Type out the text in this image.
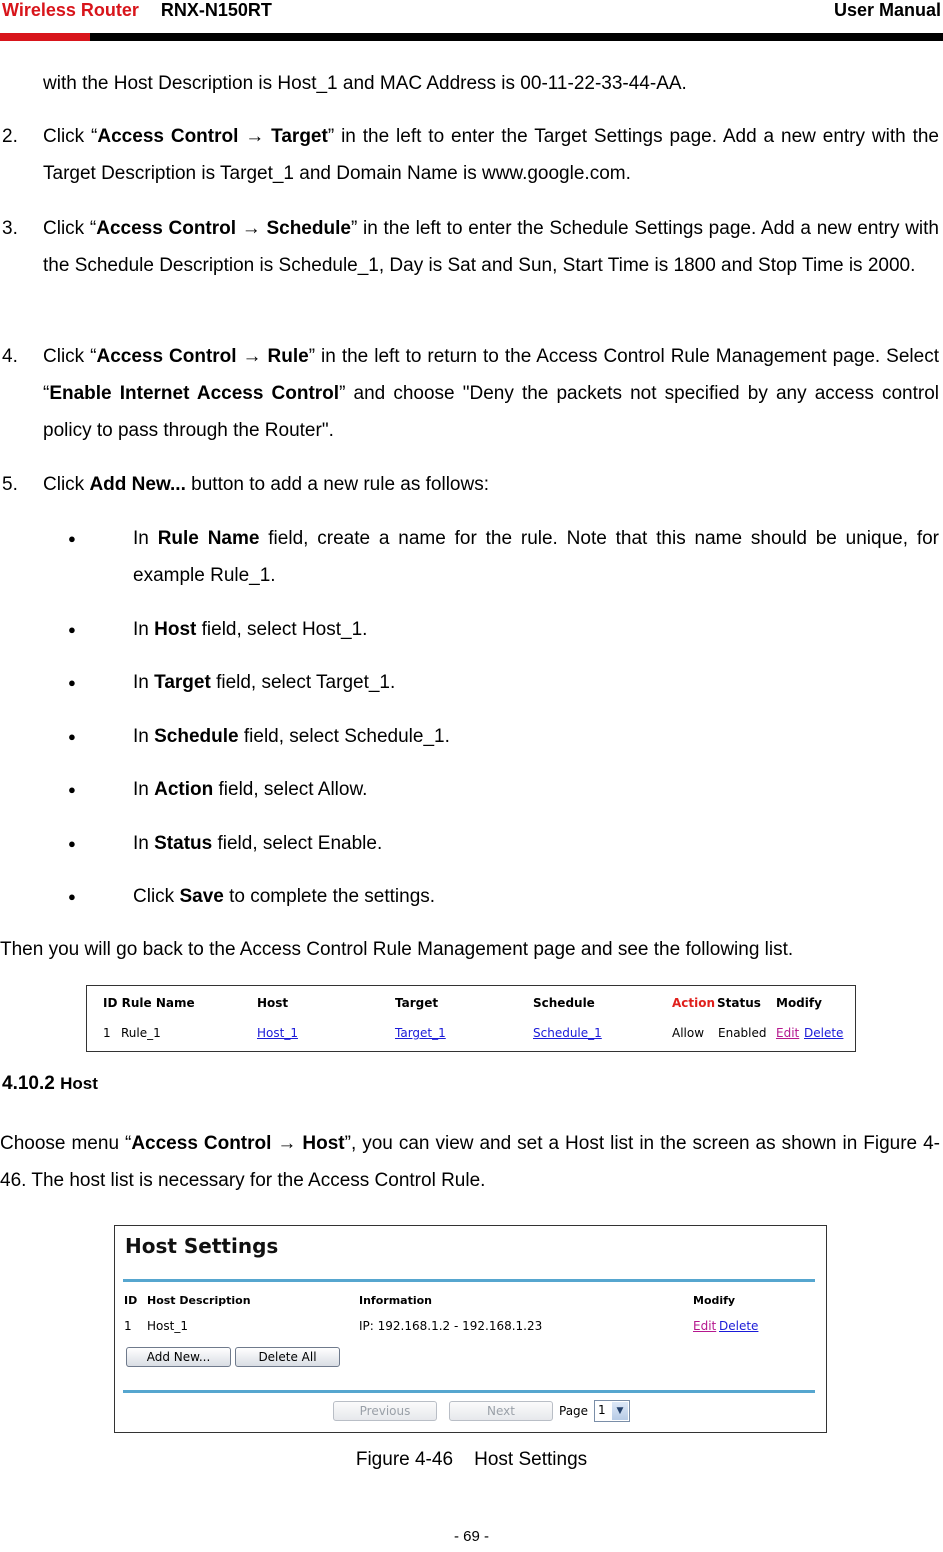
Wireless Router RNX-N150RT	User Manual
with the Host Description is Host_1 and MAC Address is 00-11-22-33-44-AA.
2. Click “Access Control → Target” in the left to enter the Target Settings page. Add a new entry with the Target Description is Target_1 and Domain Name is www.google.com.
3. Click “Access Control → Schedule” in the left to enter the Schedule Settings page. Add a new entry with the Schedule Description is Schedule_1, Day is Sat and Sun, Start Time is 1800 and Stop Time is 2000.
4. Click “Access Control → Rule” in the left to return to the Access Control Rule Management page. Select “Enable Internet Access Control” and choose "Deny the packets not specified by any access control policy to pass through the Router".
5. Click Add New... button to add a new rule as follows:
●	In Rule Name field, create a name for the rule. Note that this name should be unique, for example Rule_1.
●	In Host field, select Host_1.
●	In Target field, select Target_1.
●	In Schedule field, select Schedule_1.
●	In Action field, select Allow.
●	In Status field, select Enable.
●	Click Save to complete the settings.
Then you will go back to the Access Control Rule Management page and see the following list.
ID Rule Name	Host	Target	Schedule	Action Status Modify
1 Rule_1	Host_1	Target_1	Schedule_1	Allow Enabled Edit Delete
4.10.2 Host
Choose menu “Access Control → Host”, you can view and set a Host list in the screen as shown in Figure 4-46. The host list is necessary for the Access Control Rule.
Host Settings
ID Host Description	Information	Modify
1 Host_1	IP: 192.168.1.2 - 192.168.1.23	Edit Delete
Add New...	Delete All
Previous	Next	Page 1	▼
Figure 4-46    Host Settings
- 69 -
